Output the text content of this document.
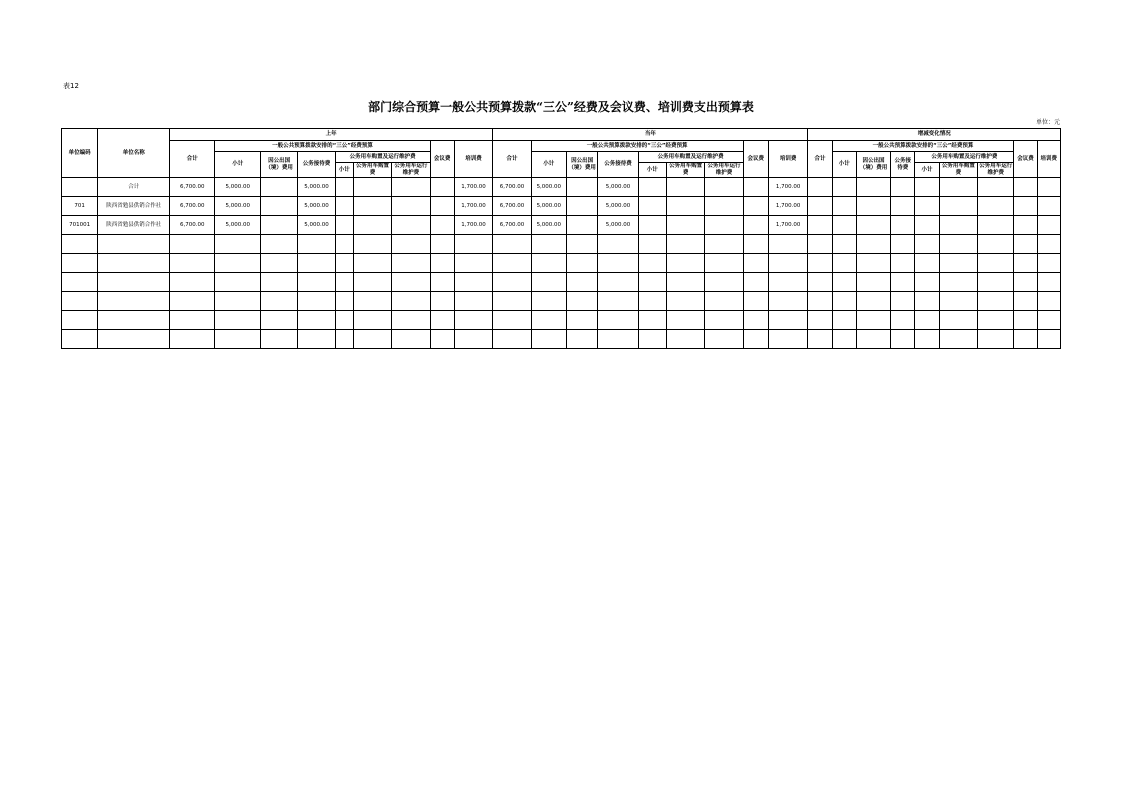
表12
部门综合预算一般公共预算拨款“三公”经费及会议费、培训费支出预算表
单位：元
单位编码	单位名称	上年									当年									增减变化情况								
		合计	一般公共预算拨款安排的“三公”经费预算						会议费	培训费	合计	一般公共预算拨款安排的“三公”经费预算						会议费	培训费	合计	一般公共预算拨款安排的“三公”经费预算						会议费	培训费
			小计	因公出国（境）费用	公务接待费	公务用车购置及运行维护费						小计	因公出国（境）费用	公务接待费	公务用车购置及运行维护费						小计	因公出国（境）费用	公务接待费	公务用车购置及运行维护费				
						小计	公务用车购置费	公务用车运行维护费							小计	公务用车购置费	公务用车运行维护费							小计	公务用车购置费	公务用车运行维护费		
	合计	6,700.00	5,000.00		5,000.00					1,700.00	6,700.00	5,000.00		5,000.00					1,700.00									
701	陕西省勉县供销合作社	6,700.00	5,000.00		5,000.00					1,700.00	6,700.00	5,000.00		5,000.00					1,700.00									
701001	陕西省勉县供销合作社	6,700.00	5,000.00		5,000.00					1,700.00	6,700.00	5,000.00		5,000.00					1,700.00									
